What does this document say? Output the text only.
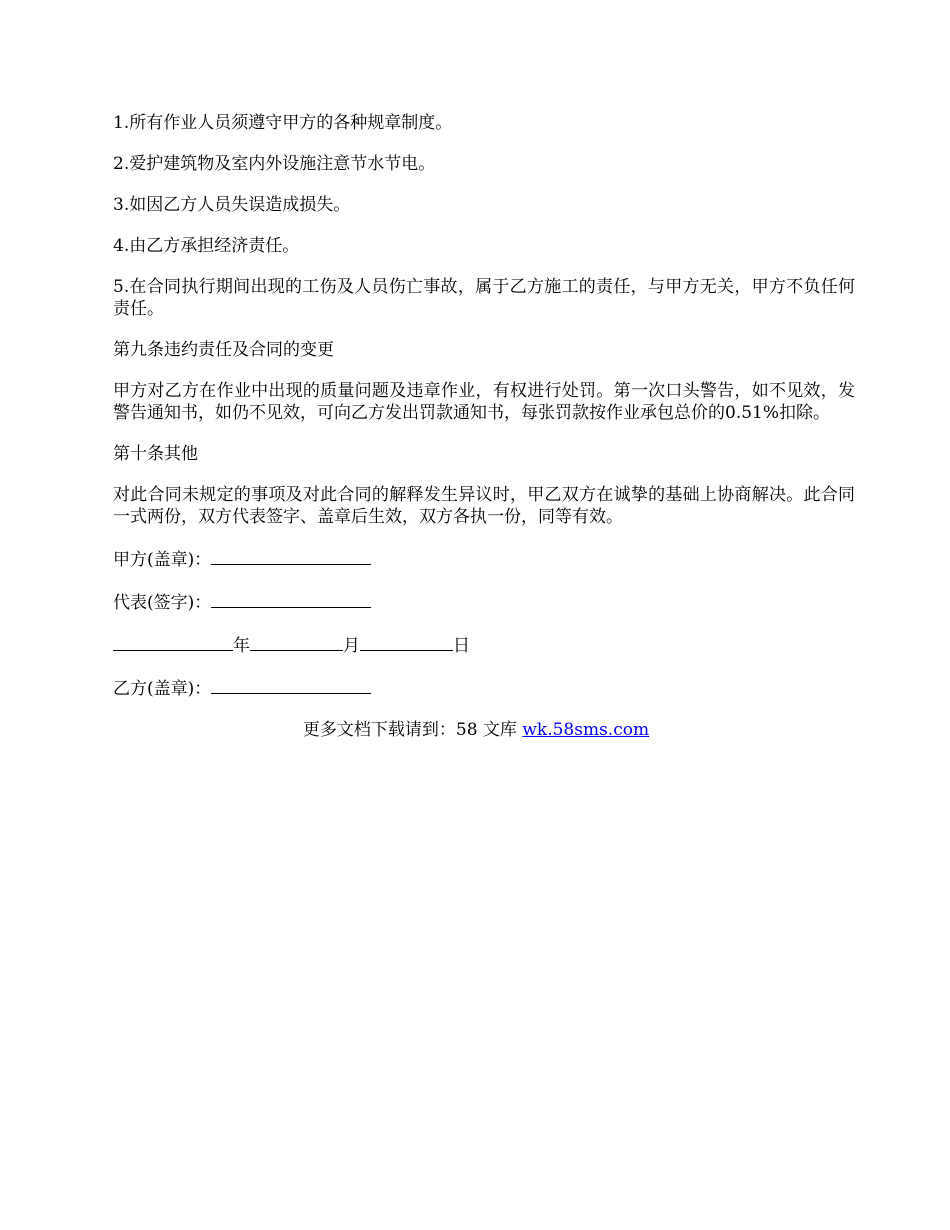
1.所有作业人员须遵守甲方的各种规章制度。

2.爱护建筑物及室内外设施注意节水节电。

3.如因乙方人员失误造成损失。

4.由乙方承担经济责任。

5.在合同执行期间出现的工伤及人员伤亡事故，属于乙方施工的责任，与甲方无关，甲方不负任何责任。

第九条违约责任及合同的变更

甲方对乙方在作业中出现的质量问题及违章作业，有权进行处罚。第一次口头警告，如不见效，发警告通知书，如仍不见效，可向乙方发出罚款通知书，每张罚款按作业承包总价的0.51%扣除。

第十条其他

对此合同未规定的事项及对此合同的解释发生异议时，甲乙双方在诚挚的基础上协商解决。此合同一式两份，双方代表签字、盖章后生效，双方各执一份，同等有效。

甲方(盖章)：

代表(签字)：

年	月	日

乙方(盖章)：

更多文档下载请到：58 文库 wk.58sms.com
